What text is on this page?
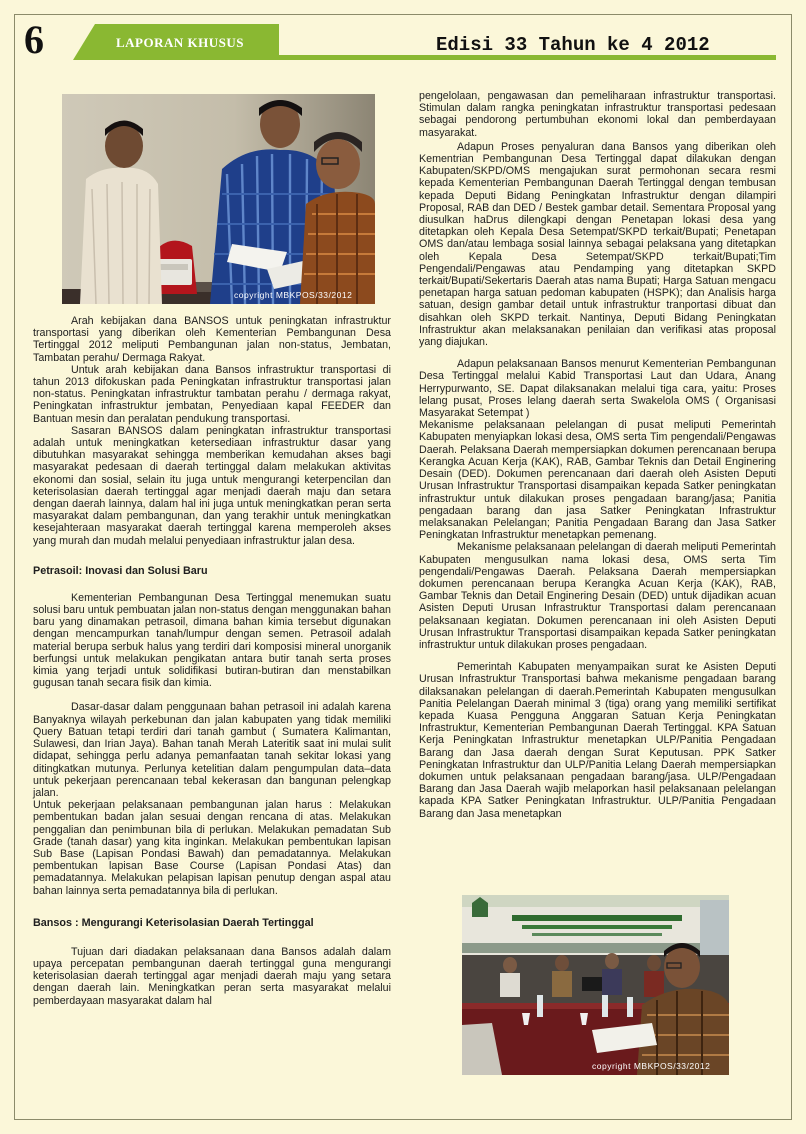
6	LAPORAN KHUSUS	Edisi 33 Tahun ke 4 2012
copyright MBKPOS/33/2012

Arah kebijakan dana BANSOS untuk peningkatan infrastruktur transportasi yang diberikan oleh Kementerian Pembangunan Desa Tertinggal 2012 meliputi Pembangunan jalan non-status, Jembatan, Tambatan perahu/ Dermaga Rakyat.

Untuk arah kebijakan dana Bansos infrastruktur transportasi di tahun 2013 difokuskan pada Peningkatan infrastruktur transportasi jalan non-status. Peningkatan infrastruktur tambatan perahu / dermaga rakyat, Peningkatan infrastruktur jembatan, Penyediaan kapal FEEDER dan Bantuan mesin dan peralatan pendukung transportasi.

Sasaran BANSOS dalam peningkatan infrastruktur transportasi adalah untuk meningkatkan ketersediaan infrastruktur dasar yang dibutuhkan masyarakat sehingga memberikan kemudahan akses bagi masyarakat pedesaan di daerah tertinggal dalam melakukan aktivitas ekonomi dan sosial, selain itu juga untuk mengurangi keterpencilan dan keterisolasian daerah tertinggal agar menjadi daerah maju dan setara dengan daerah lainnya, dalam hal ini juga untuk meningkatkan peran serta masyarakat dalam pembangunan, dan yang terakhir untuk meningkatkan kesejahteraan masyarakat daerah tertinggal karena memperoleh akses yang murah dan mudah melalui penyediaan infrastruktur jalan desa.

Petrasoil: Inovasi dan Solusi Baru

Kementerian Pembangunan Desa Tertinggal menemukan suatu solusi baru untuk pembuatan jalan non-status dengan menggunakan bahan baru yang dinamakan petrasoil, dimana bahan kimia tersebut digunakan dengan mencampurkan tanah/lumpur dengan semen. Petrasoil adalah material berupa serbuk halus yang terdiri dari komposisi mineral unorganik berfungsi untuk melakukan pengikatan antara butir tanah serta proses kimia yang terjadi untuk solidifikasi butiran-butiran dan menstabilkan gugusan tanah secara fisik dan kimia.

Dasar-dasar dalam penggunaan bahan petrasoil ini adalah karena Banyaknya wilayah perkebunan dan jalan kabupaten yang tidak memiliki Query Batuan tetapi terdiri dari tanah gambut ( Sumatera Kalimantan, Sulawesi, dan Irian Jaya). Bahan tanah Merah Lateritik saat ini mulai sulit didapat, sehingga perlu adanya pemanfaatan tanah sekitar lokasi yang ditingkatkan mutunya. Perlunya ketelitian dalam pengumpulan data–data untuk pekerjaan perencanaan tebal kekerasan dan bangunan pelengkap jalan.

Untuk pekerjaan pelaksanaan pembangunan jalan harus : Melakukan pembentukan badan jalan sesuai dengan rencana di atas. Melakukan penggalian dan penimbunan bila di perlukan. Melakukan pemadatan Sub Grade (tanah dasar) yang kita inginkan. Melakukan pembentukan lapisan Sub Base (Lapisan Pondasi Bawah) dan pemadatannya. Melakukan pembentukan lapisan Base Course (Lapisan Pondasi Atas) dan pemadatannya. Melakukan pelapisan lapisan penutup dengan aspal atau bahan lainnya serta pemadatannya bila di perlukan.

Bansos : Mengurangi Keterisolasian Daerah Tertinggal

Tujuan dari diadakan pelaksanaan dana Bansos adalah dalam upaya percepatan pembangunan daerah tertinggal guna mengurangi keterisolasian daerah tertinggal agar menjadi daerah maju yang setara dengan daerah lain. Meningkatkan peran serta masyarakat melalui pemberdayaan masyarakat dalam hal

pengelolaan, pengawasan dan pemeliharaan infrastruktur transportasi. Stimulan dalam rangka peningkatan infrastruktur transportasi pedesaan sebagai pendorong pertumbuhan ekonomi lokal dan pemberdayaan masyarakat.

Adapun Proses penyaluran dana Bansos yang diberikan oleh Kementrian Pembangunan Desa Tertinggal dapat dilakukan dengan Kabupaten/SKPD/OMS mengajukan surat permohonan secara resmi kepada Kementerian Pembangunan Daerah Tertinggal dengan tembusan kepada Deputi Bidang Peningkatan Infrastruktur dengan dilampiri Proposal, RAB dan DED / Bestek gambar detail. Sementara Proposal yang diusulkan haDrus dilengkapi dengan Penetapan lokasi desa yang ditetapkan oleh Kepala Desa Setempat/SKPD terkait/Bupati; Penetapan OMS dan/atau lembaga sosial lainnya sebagai pelaksana yang ditetapkan oleh Kepala Desa Setempat/SKPD terkait/Bupati;Tim Pengendali/Pengawas atau Pendamping yang ditetapkan SKPD terkait/Bupati/Sekertaris Daerah atas nama Bupati; Harga Satuan mengacu penetapan harga satuan pedoman kabupaten (HSPK); dan Analisis harga satuan, design gambar detail untuk infrastruktur tranportasi dibuat dan disahkan oleh SKPD terkait. Nantinya, Deputi Bidang Peningkatan Infrastruktur akan melaksanakan penilaian dan verifikasi atas proposal yang diajukan.

Adapun pelaksanaan Bansos menurut Kementerian Pembangunan Desa Tertinggal melalui Kabid Transportasi Laut dan Udara, Anang Herrypurwanto, SE. Dapat dilaksanakan melalui tiga cara, yaitu: Proses lelang pusat, Proses lelang daerah serta Swakelola OMS ( Organisasi Masyarakat Setempat )

Mekanisme pelaksanaan pelelangan di pusat meliputi Pemerintah Kabupaten menyiapkan lokasi desa, OMS serta Tim pengendali/Pengawas Daerah. Pelaksana Daerah mempersiapkan dokumen perencanaan berupa Kerangka Acuan Kerja (KAK), RAB, Gambar Teknis dan Detail Enginering Desain (DED). Dokumen perencanaan dari daerah oleh Asisten Deputi Urusan Infrastruktur Transportasi disampaikan kepada Satker peningkatan infrastruktur untuk dilakukan proses pengadaan barang/jasa; Panitia pengadaan barang dan jasa Satker Peningkatan Infrastruktur melaksanakan Pelelangan; Panitia Pengadaan Barang dan Jasa Satker Peningkatan Infrastruktur menetapkan pemenang.

Mekanisme pelaksanaan pelelangan di daerah meliputi Pemerintah Kabupaten mengusulkan nama lokasi desa, OMS serta Tim pengendali/Pengawas Daerah. Pelaksana Daerah mempersiapkan dokumen perencanaan berupa Kerangka Acuan Kerja (KAK), RAB, Gambar Teknis dan Detail Enginering Desain (DED) untuk dijadikan acuan Asisten Deputi Urusan Infrastruktur Transportasi dalam perencanaan pelaksanaan kegiatan. Dokumen perencanaan ini oleh Asisten Deputi Urusan Infrastruktur Transportasi disampaikan kepada Satker peningkatan infrastruktur untuk dilakukan proses pengadaan.

Pemerintah Kabupaten menyampaikan surat ke Asisten Deputi Urusan Infrastruktur Transportasi bahwa mekanisme pengadaan barang dilaksanakan pelelangan di daerah.Pemerintah Kabupaten mengusulkan Panitia Pelelangan Daerah minimal 3 (tiga) orang yang memiliki sertifikat kepada Kuasa Pengguna Anggaran Satuan Kerja Peningkatan Infrastruktur, Kementerian Pembangunan Daerah Tertinggal. KPA Satuan Kerja Peningkatan Infrastruktur menetapkan ULP/Panitia Pengadaan Barang dan Jasa daerah dengan Surat Keputusan. PPK Satker Peningkatan Infrastruktur dan ULP/Panitia Lelang Daerah mempersiapkan dokumen untuk pelaksanaan pengadaan barang/jasa. ULP/Pengadaan Barang dan Jasa Daerah wajib melaporkan hasil pelaksanaan pelelangan kapada KPA Satker Peningkatan Infrastruktur. ULP/Panitia Pengadaan Barang dan Jasa menetapkan

copyright MBKPOS/33/2012
